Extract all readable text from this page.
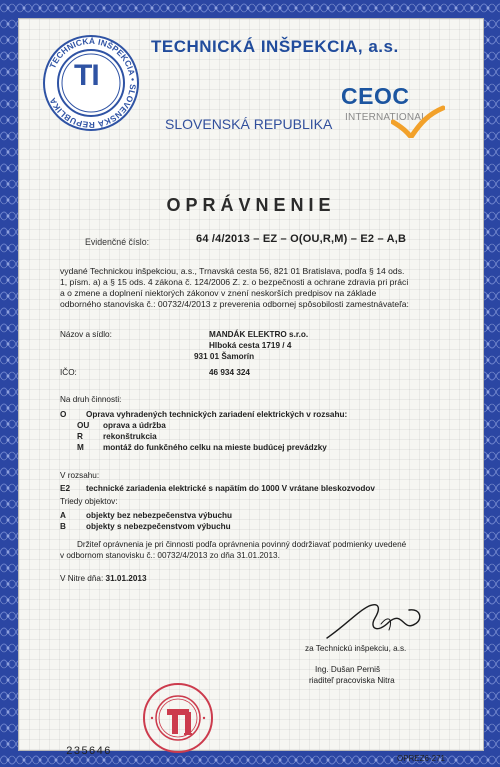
TI
TECHNICKÁ INŠPEKCIA • SLOVENSKÁ REPUBLIKA
TECHNICKÁ INŠPEKCIA, a.s.
SLOVENSKÁ REPUBLIKA
CEOC
INTERNATIONAL
OPRÁVNENIE
Evidenčné číslo:	64 /4/2013 – EZ – O(OU,R,M) – E2 – A,B
vydané Technickou inšpekciou, a.s., Trnavská cesta 56, 821 01 Bratislava, podľa § 14 ods.
1, písm. a) a § 15 ods. 4 zákona č. 124/2006 Z. z. o bezpečnosti a ochrane zdravia pri práci
a o zmene a doplnení niektorých zákonov v znení neskorších predpisov na základe
odborného stanoviska č.: 00732/4/2013 z preverenia odbornej spôsobilosti zamestnávateľa:
Názov a sídlo:	MANDÁK ELEKTRO s.r.o.
Hlboká cesta 1719 / 4
931 01 Šamorín
IČO:	46 934 324
Na druh činnosti:
O Oprava vyhradených technických zariadení elektrických v rozsahu:
OU oprava a údržba
R rekonštrukcia
M montáž do funkčného celku na mieste budúcej prevádzky
V rozsahu:
E2 technické zariadenia elektrické s napätím do 1000 V vrátane bleskozvodov
Triedy objektov:
A objekty bez nebezpečenstva výbuchu
B objekty s nebezpečenstvom výbuchu
Držiteľ oprávnenia je pri činnosti podľa oprávnenia povinný dodržiavať podmienky uvedené
v odbornom stanovisku č.: 00732/4/2013 zo dňa 31.01.2013.
V Nitre dňa: 31.01.2013
za Technickú inšpekciu, a.s.
Ing. Dušan Perniš
riaditeľ pracoviska Nitra
235646
OPREZ6-271
